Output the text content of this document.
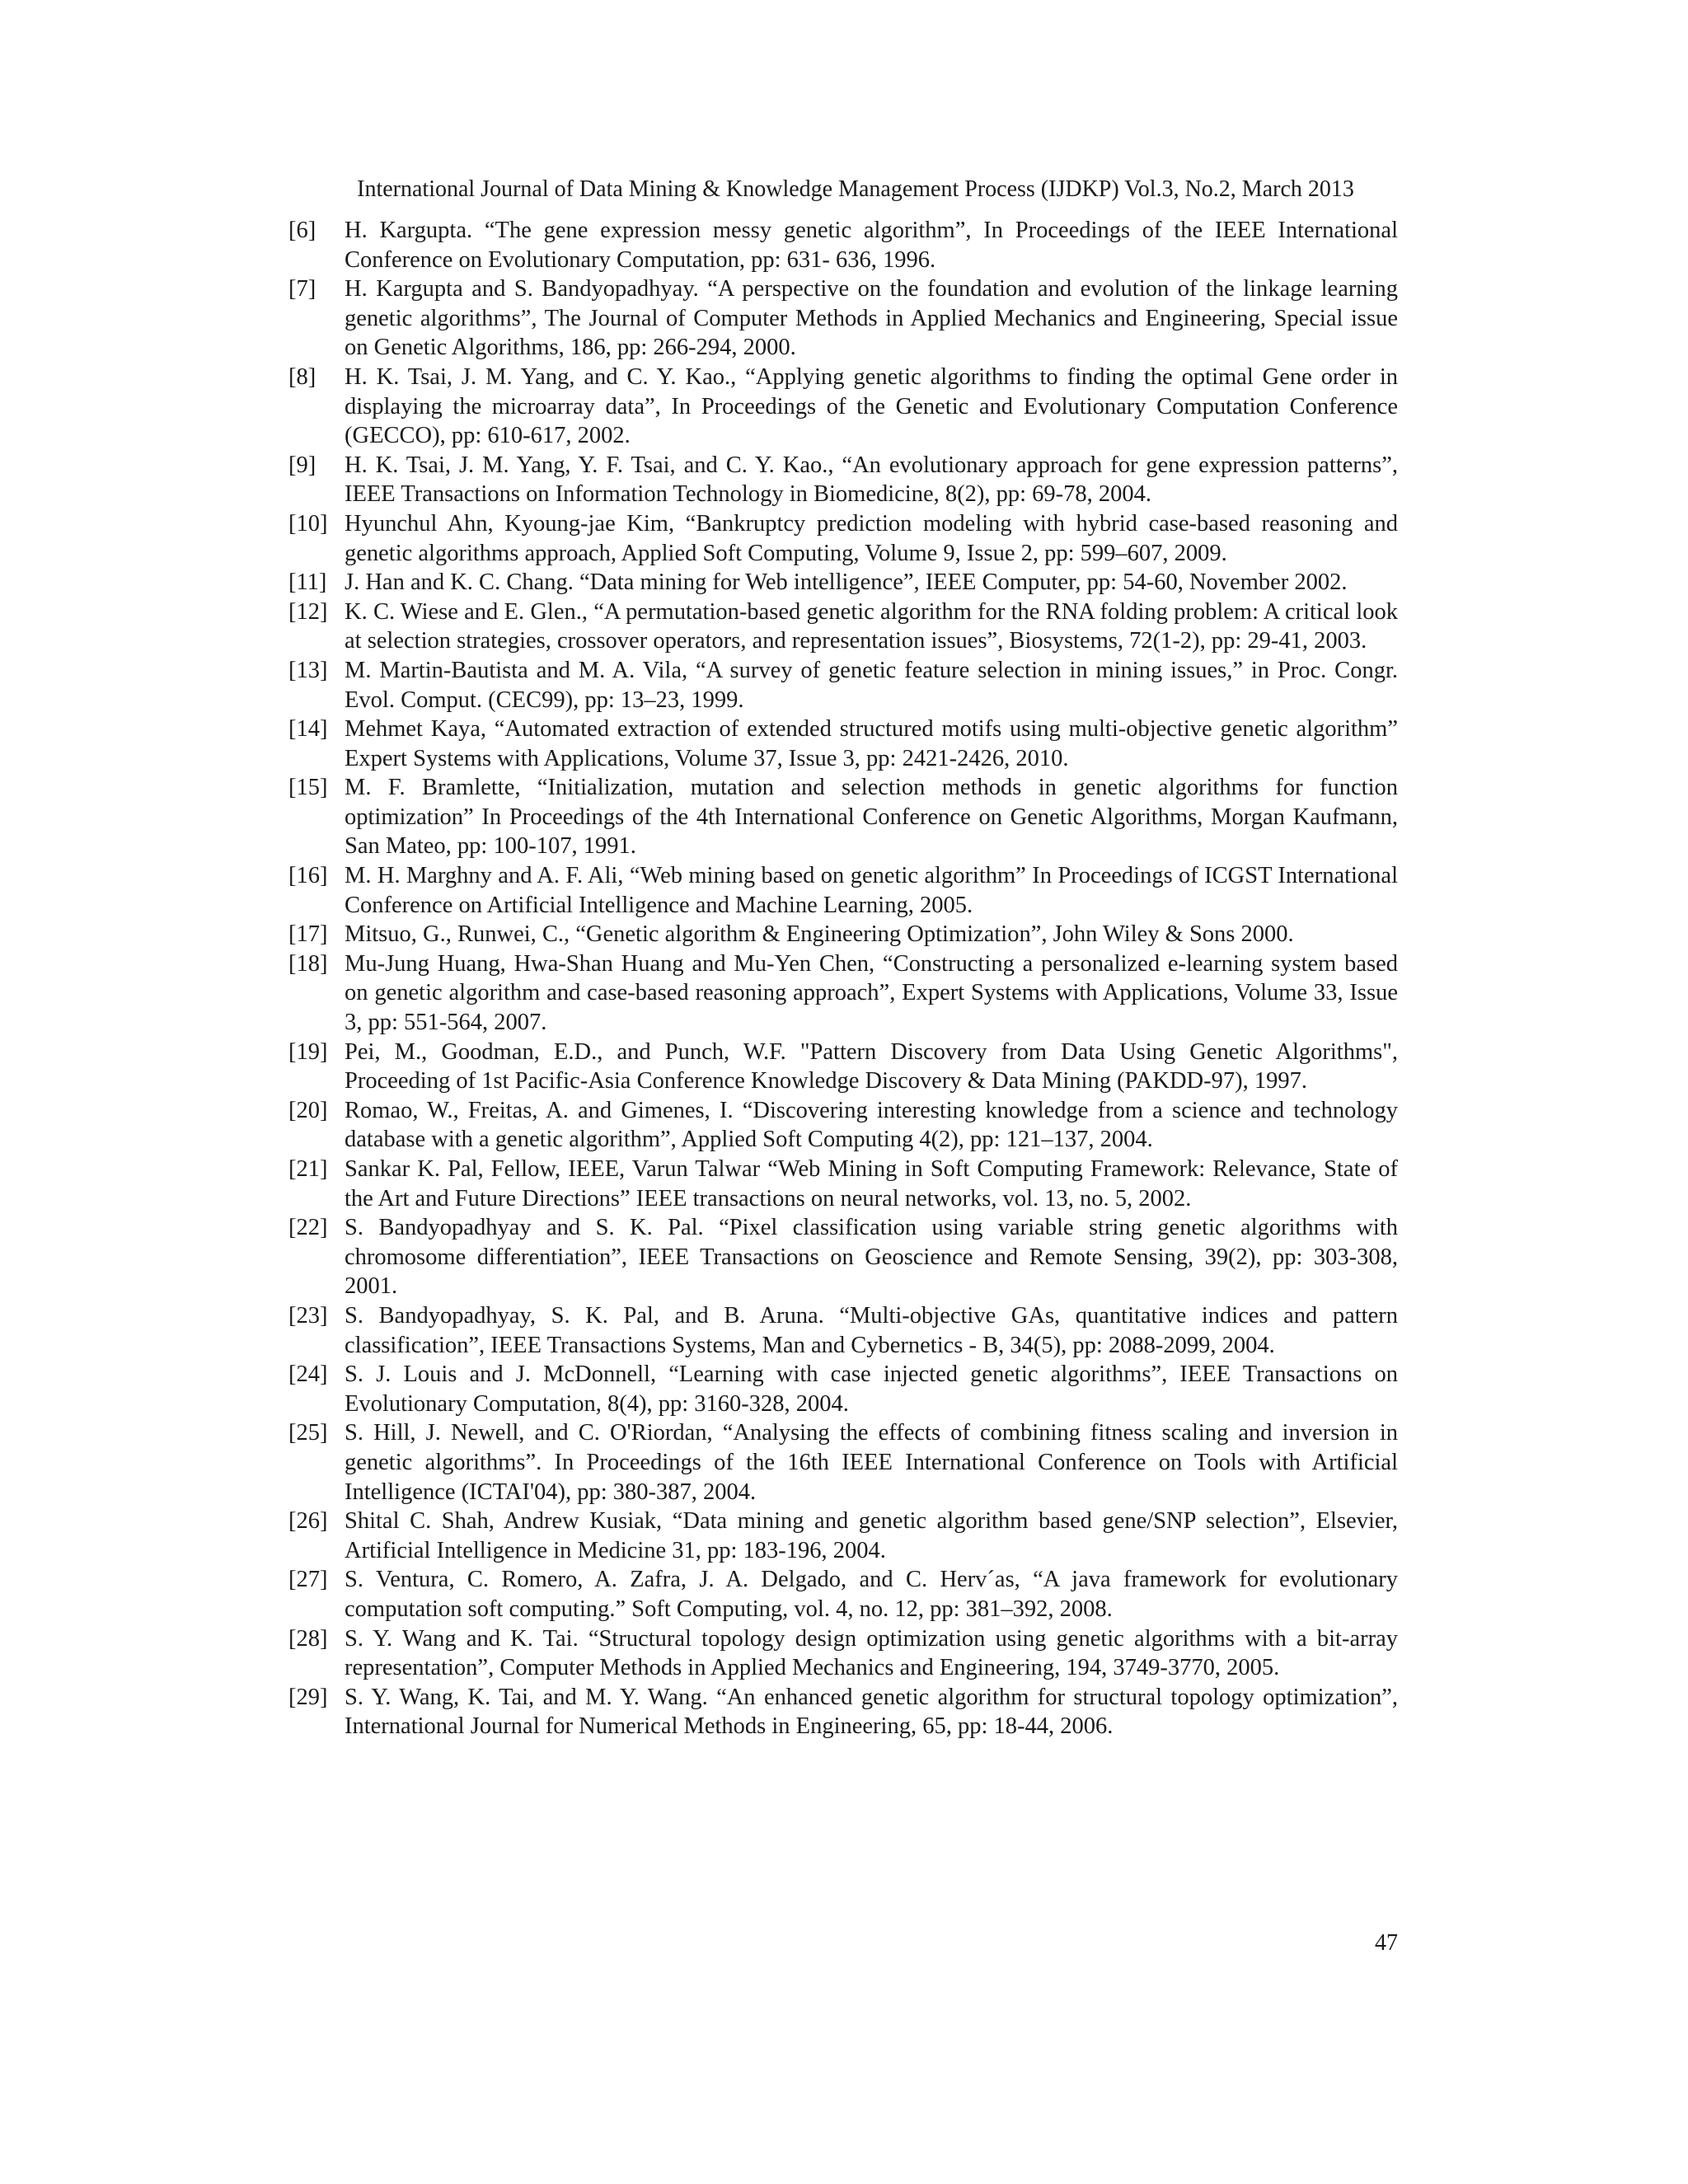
International Journal of Data Mining & Knowledge Management Process (IJDKP) Vol.3, No.2, March 2013
[6]	H. Kargupta. “The gene expression messy genetic algorithm”, In Proceedings of the IEEE International Conference on Evolutionary Computation, pp: 631- 636, 1996.
[7]	H. Kargupta and S. Bandyopadhyay. “A perspective on the foundation and evolution of the linkage learning genetic algorithms”, The Journal of Computer Methods in Applied Mechanics and Engineering, Special issue on Genetic Algorithms, 186, pp: 266-294, 2000.
[8]	H. K. Tsai, J. M. Yang, and C. Y. Kao., “Applying genetic algorithms to finding the optimal Gene order in displaying the microarray data”, In Proceedings of the Genetic and Evolutionary Computation Conference (GECCO), pp: 610-617, 2002.
[9]	H. K. Tsai, J. M. Yang, Y. F. Tsai, and C. Y. Kao., “An evolutionary approach for gene expression patterns”, IEEE Transactions on Information Technology in Biomedicine, 8(2), pp: 69-78, 2004.
[10] Hyunchul Ahn, Kyoung-jae Kim, “Bankruptcy prediction modeling with hybrid case-based reasoning and genetic algorithms approach, Applied Soft Computing, Volume 9, Issue 2, pp: 599–607, 2009.
[11] J. Han and K. C. Chang. “Data mining for Web intelligence”, IEEE Computer, pp: 54-60, November 2002.
[12] K. C. Wiese and E. Glen., “A permutation-based genetic algorithm for the RNA folding problem: A critical look at selection strategies, crossover operators, and representation issues”, Biosystems, 72(1-2), pp: 29-41, 2003.
[13] M. Martin-Bautista and M. A. Vila, “A survey of genetic feature selection in mining issues,” in Proc. Congr. Evol. Comput. (CEC99), pp: 13–23, 1999.
[14] Mehmet Kaya, “Automated extraction of extended structured motifs using multi-objective genetic algorithm” Expert Systems with Applications, Volume 37, Issue 3, pp: 2421-2426, 2010.
[15] M. F. Bramlette, “Initialization, mutation and selection methods in genetic algorithms for function optimization” In Proceedings of the 4th International Conference on Genetic Algorithms, Morgan Kaufmann, San Mateo, pp: 100-107, 1991.
[16] M. H. Marghny and A. F. Ali, “Web mining based on genetic algorithm” In Proceedings of ICGST International Conference on Artificial Intelligence and Machine Learning, 2005.
[17] Mitsuo, G., Runwei, C., “Genetic algorithm & Engineering Optimization”, John Wiley & Sons 2000.
[18] Mu-Jung Huang, Hwa-Shan Huang and Mu-Yen Chen, “Constructing a personalized e-learning system based on genetic algorithm and case-based reasoning approach”, Expert Systems with Applications, Volume 33, Issue 3, pp: 551-564, 2007.
[19] Pei, M., Goodman, E.D., and Punch, W.F. "Pattern Discovery from Data Using Genetic Algorithms", Proceeding of 1st Pacific-Asia Conference Knowledge Discovery & Data Mining (PAKDD-97), 1997.
[20] Romao, W., Freitas, A. and Gimenes, I. “Discovering interesting knowledge from a science and technology database with a genetic algorithm”, Applied Soft Computing 4(2), pp: 121–137, 2004.
[21] Sankar K. Pal, Fellow, IEEE, Varun Talwar “Web Mining in Soft Computing Framework: Relevance, State of the Art and Future Directions” IEEE transactions on neural networks, vol. 13, no. 5, 2002.
[22] S. Bandyopadhyay and S. K. Pal. “Pixel classification using variable string genetic algorithms with chromosome differentiation”, IEEE Transactions on Geoscience and Remote Sensing, 39(2), pp: 303-308, 2001.
[23] S. Bandyopadhyay, S. K. Pal, and B. Aruna. “Multi-objective GAs, quantitative indices and pattern classification”, IEEE Transactions Systems, Man and Cybernetics - B, 34(5), pp: 2088-2099, 2004.
[24] S. J. Louis and J. McDonnell, “Learning with case injected genetic algorithms”, IEEE Transactions on Evolutionary Computation, 8(4), pp: 3160-328, 2004.
[25] S. Hill, J. Newell, and C. O'Riordan, “Analysing the effects of combining fitness scaling and inversion in genetic algorithms”. In Proceedings of the 16th IEEE International Conference on Tools with Artificial Intelligence (ICTAI'04), pp: 380-387, 2004.
[26] Shital C. Shah, Andrew Kusiak, “Data mining and genetic algorithm based gene/SNP selection”, Elsevier, Artificial Intelligence in Medicine 31, pp: 183-196, 2004.
[27] S. Ventura, C. Romero, A. Zafra, J. A. Delgado, and C. Herv´as, “A java framework for evolutionary computation soft computing.” Soft Computing, vol. 4, no. 12, pp: 381–392, 2008.
[28] S. Y. Wang and K. Tai. “Structural topology design optimization using genetic algorithms with a bit-array representation”, Computer Methods in Applied Mechanics and Engineering, 194, 3749-3770, 2005.
[29] S. Y. Wang, K. Tai, and M. Y. Wang. “An enhanced genetic algorithm for structural topology optimization”, International Journal for Numerical Methods in Engineering, 65, pp: 18-44, 2006.
47
